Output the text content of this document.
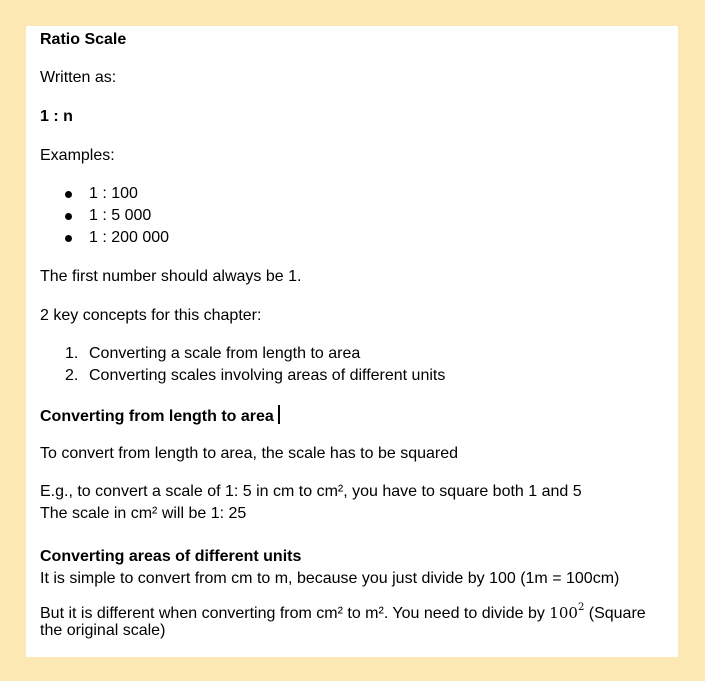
Ratio Scale
Written as:
1 : n
Examples:
1 : 100
1 : 5 000
1 : 200 000
The first number should always be 1.
2 key concepts for this chapter:
1. Converting a scale from length to area
2. Converting scales involving areas of different units
Converting from length to area
To convert from length to area, the scale has to be squared
E.g., to convert a scale of 1: 5 in cm to cm², you have to square both 1 and 5
The scale in cm² will be 1: 25
Converting areas of different units
It is simple to convert from cm to m, because you just divide by 100 (1m = 100cm)
But it is different when converting from cm² to m². You need to divide by $100^2$ (Square
the original scale)
